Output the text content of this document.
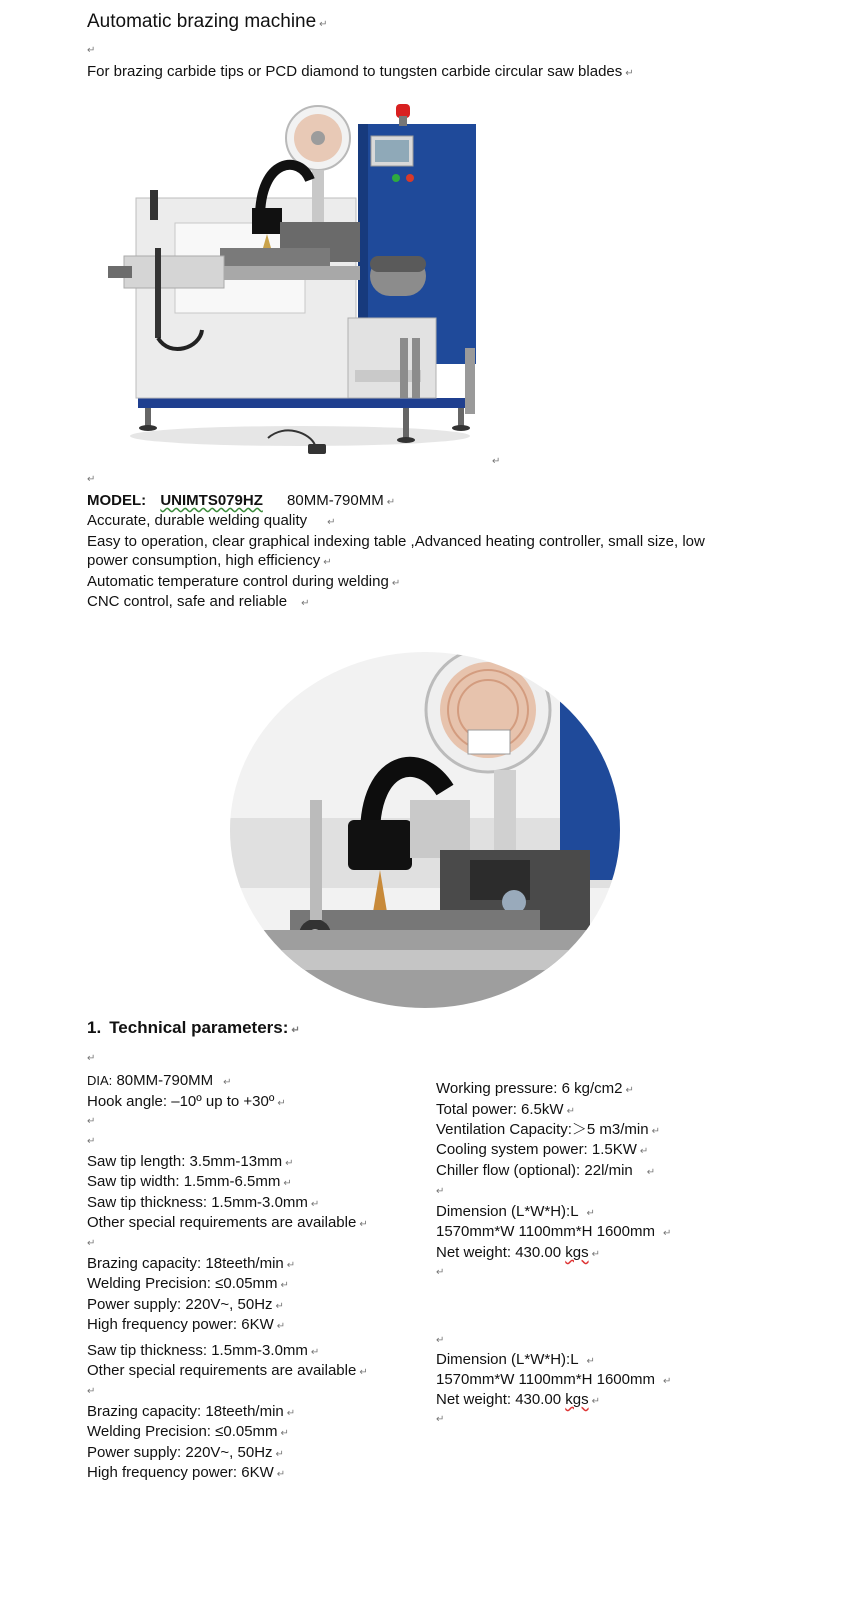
Automatic brazing machine ↵
↵
For brazing carbide tips or PCD diamond to tungsten carbide circular saw blades ↵
↵
↵
MODEL: UNIMTS079HZ 80MM-790MM ↵
Accurate, durable welding quality ↵
Easy to operation, clear graphical indexing table ,Advanced heating controller, small size, low
power consumption, high efficiency ↵
Automatic temperature control during welding ↵
CNC control, safe and reliable ↵
1. Technical parameters: ↵
↵
DIA: 80MM-790MM ↵
Hook angle: –10º up to +30º ↵
↵
↵
Saw tip length: 3.5mm-13mm ↵
Saw tip width: 1.5mm-6.5mm ↵
Saw tip thickness: 1.5mm-3.0mm ↵
Other special requirements are available ↵
↵
Brazing capacity: 18teeth/min ↵
Welding Precision: ≤0.05mm ↵
Power supply: 220V~, 50Hz ↵
High frequency power: 6KW ↵
Saw tip thickness: 1.5mm-3.0mm ↵
Other special requirements are available ↵
↵
Brazing capacity: 18teeth/min ↵
Welding Precision: ≤0.05mm ↵
Power supply: 220V~, 50Hz ↵
High frequency power: 6KW ↵
Working pressure: 6 kg/cm2 ↵
Total power: 6.5kW ↵
Ventilation Capacity:＞5 m3/min ↵
Cooling system power: 1.5KW ↵
Chiller flow (optional): 22l/min ↵
↵
Dimension (L*W*H):L ↵
1570mm*W 1100mm*H 1600mm ↵
Net weight: 430.00 kgs ↵
↵
↵
Dimension (L*W*H):L ↵
1570mm*W 1100mm*H 1600mm ↵
Net weight: 430.00 kgs ↵
↵
